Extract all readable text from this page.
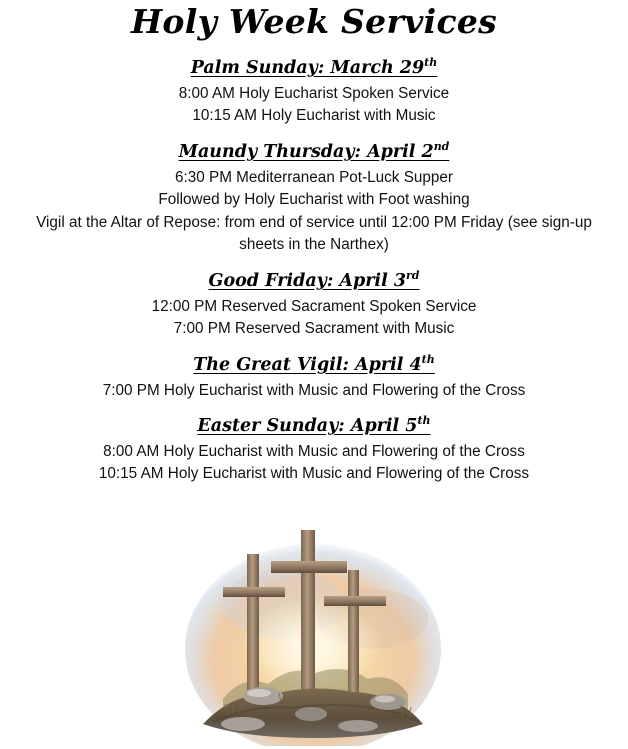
Holy Week Services
Palm Sunday: March 29th
8:00 AM Holy Eucharist Spoken Service
10:15 AM Holy Eucharist with Music
Maundy Thursday: April 2nd
6:30 PM Mediterranean Pot-Luck Supper
Followed by Holy Eucharist with Foot washing
Vigil at the Altar of Repose: from end of service until 12:00 PM Friday (see sign-up
sheets in the Narthex)
Good Friday: April 3rd
12:00 PM Reserved Sacrament Spoken Service
7:00 PM Reserved Sacrament with Music
The Great Vigil: April 4th
7:00 PM Holy Eucharist with Music and Flowering of the Cross
Easter Sunday: April 5th
8:00 AM Holy Eucharist with Music and Flowering of the Cross
10:15 AM Holy Eucharist with Music and Flowering of the Cross
